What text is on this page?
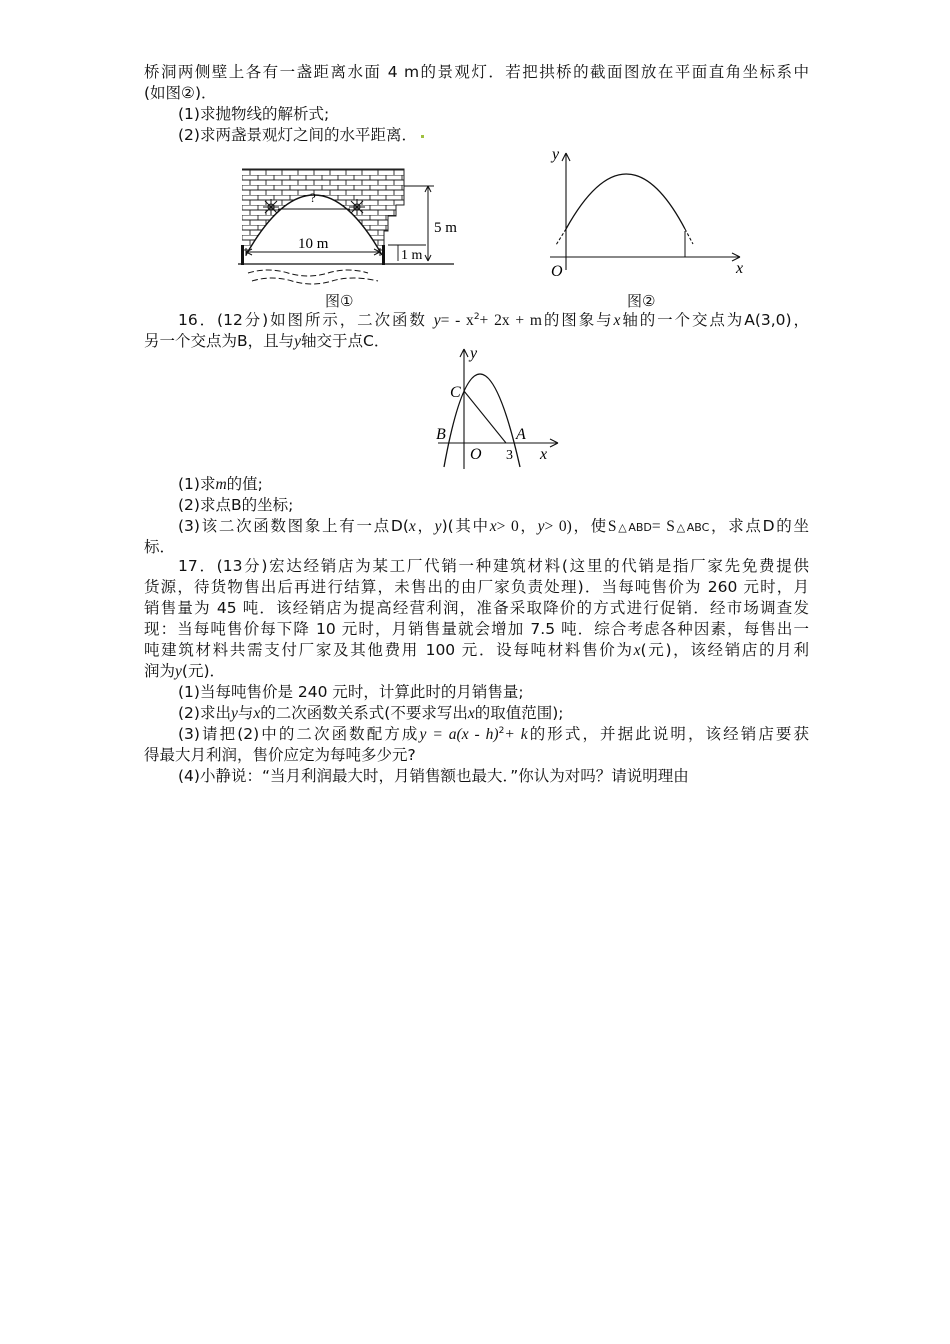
桥洞两侧壁上各有一盏距离水面 4 m的景观灯．若把拱桥的截面图放在平面直角坐标系中
(如图②)．
(1)求抛物线的解析式;
(2)求两盏景观灯之间的水平距离．
?
10 m
5 m
1 m
图①
y
x
O
图②
16．(12分)如图所示，二次函数 $y= - x^2+ 2x + m$的图象与x轴的一个交点为A(3,0)，
另一个交点为B，且与y轴交于点C．
y
x
C
B	A
O 3
(1)求m的值;
(2)求点B的坐标;
(3)该二次函数图象上有一点D(x，y)(其中x> 0，y> 0)，使S△ABD= S△ABC，求点D的坐
标．
17．(13分)宏达经销店为某工厂代销一种建筑材料(这里的代销是指厂家先免费提供
货源，待货物售出后再进行结算，未售出的由厂家负责处理)．当每吨售价为 260 元时，月
销售量为 45 吨．该经销店为提高经营利润，准备采取降价的方式进行促销．经市场调查发
现：当每吨售价每下降 10 元时，月销售量就会增加 7.5 吨．综合考虑各种因素，每售出一
吨建筑材料共需支付厂家及其他费用 100 元．设每吨材料售价为x(元)，该经销店的月利
润为y(元)．
(1)当每吨售价是 240 元时，计算此时的月销售量;
(2)求出y与x的二次函数关系式(不要求写出x的取值范围);
(3)请把(2)中的二次函数配方成y = a(x - h)$^2$+ k的形式，并据此说明，该经销店要获
得最大月利润，售价应定为每吨多少元?
(4)小静说：“当月利润最大时，月销售额也最大．”你认为对吗？请说明理由
